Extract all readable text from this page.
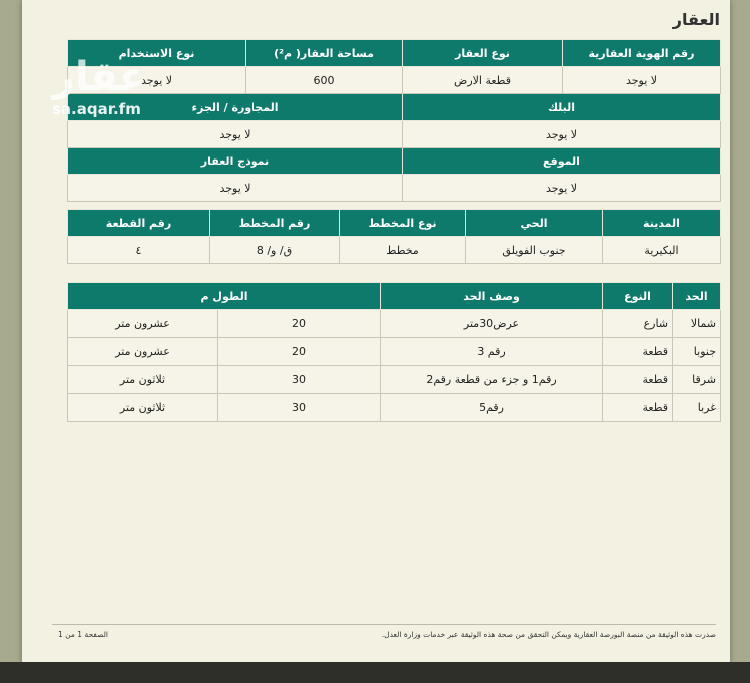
العقار
رقم الهوية العقارية	نوع العقار	مساحة العقار( م²)	نوع الاستخدام
لا يوجد	قطعة الارض	600	لا يوجد
البلك		المجاورة / الجزء	
لا يوجد		لا يوجد	
الموقع		نموذج العقار	
لا يوجد		لا يوجد	
المدينة	الحي	نوع المخطط	رقم المخطط	رقم القطعة
البكيرية	جنوب الفويلق	مخطط	ق/ و/ 8	٤
الحد	النوع	وصف الحد	الطول م	
شمالا	شارع	عرض30متر	20	عشرون متر
جنوبا	قطعة	رقم 3	20	عشرون متر
شرقا	قطعة	رقم1 و جزء من قطعة رقم2	30	ثلاثون متر
غربا	قطعة	رقم5	30	ثلاثون متر
عقار
sa.aqar.fm
صدرت هذه الوثيقة من منصة البورصة العقارية ويمكن التحقق من صحة هذه الوثيقة عبر خدمات وزارة العدل.
الصفحة 1 من 1
